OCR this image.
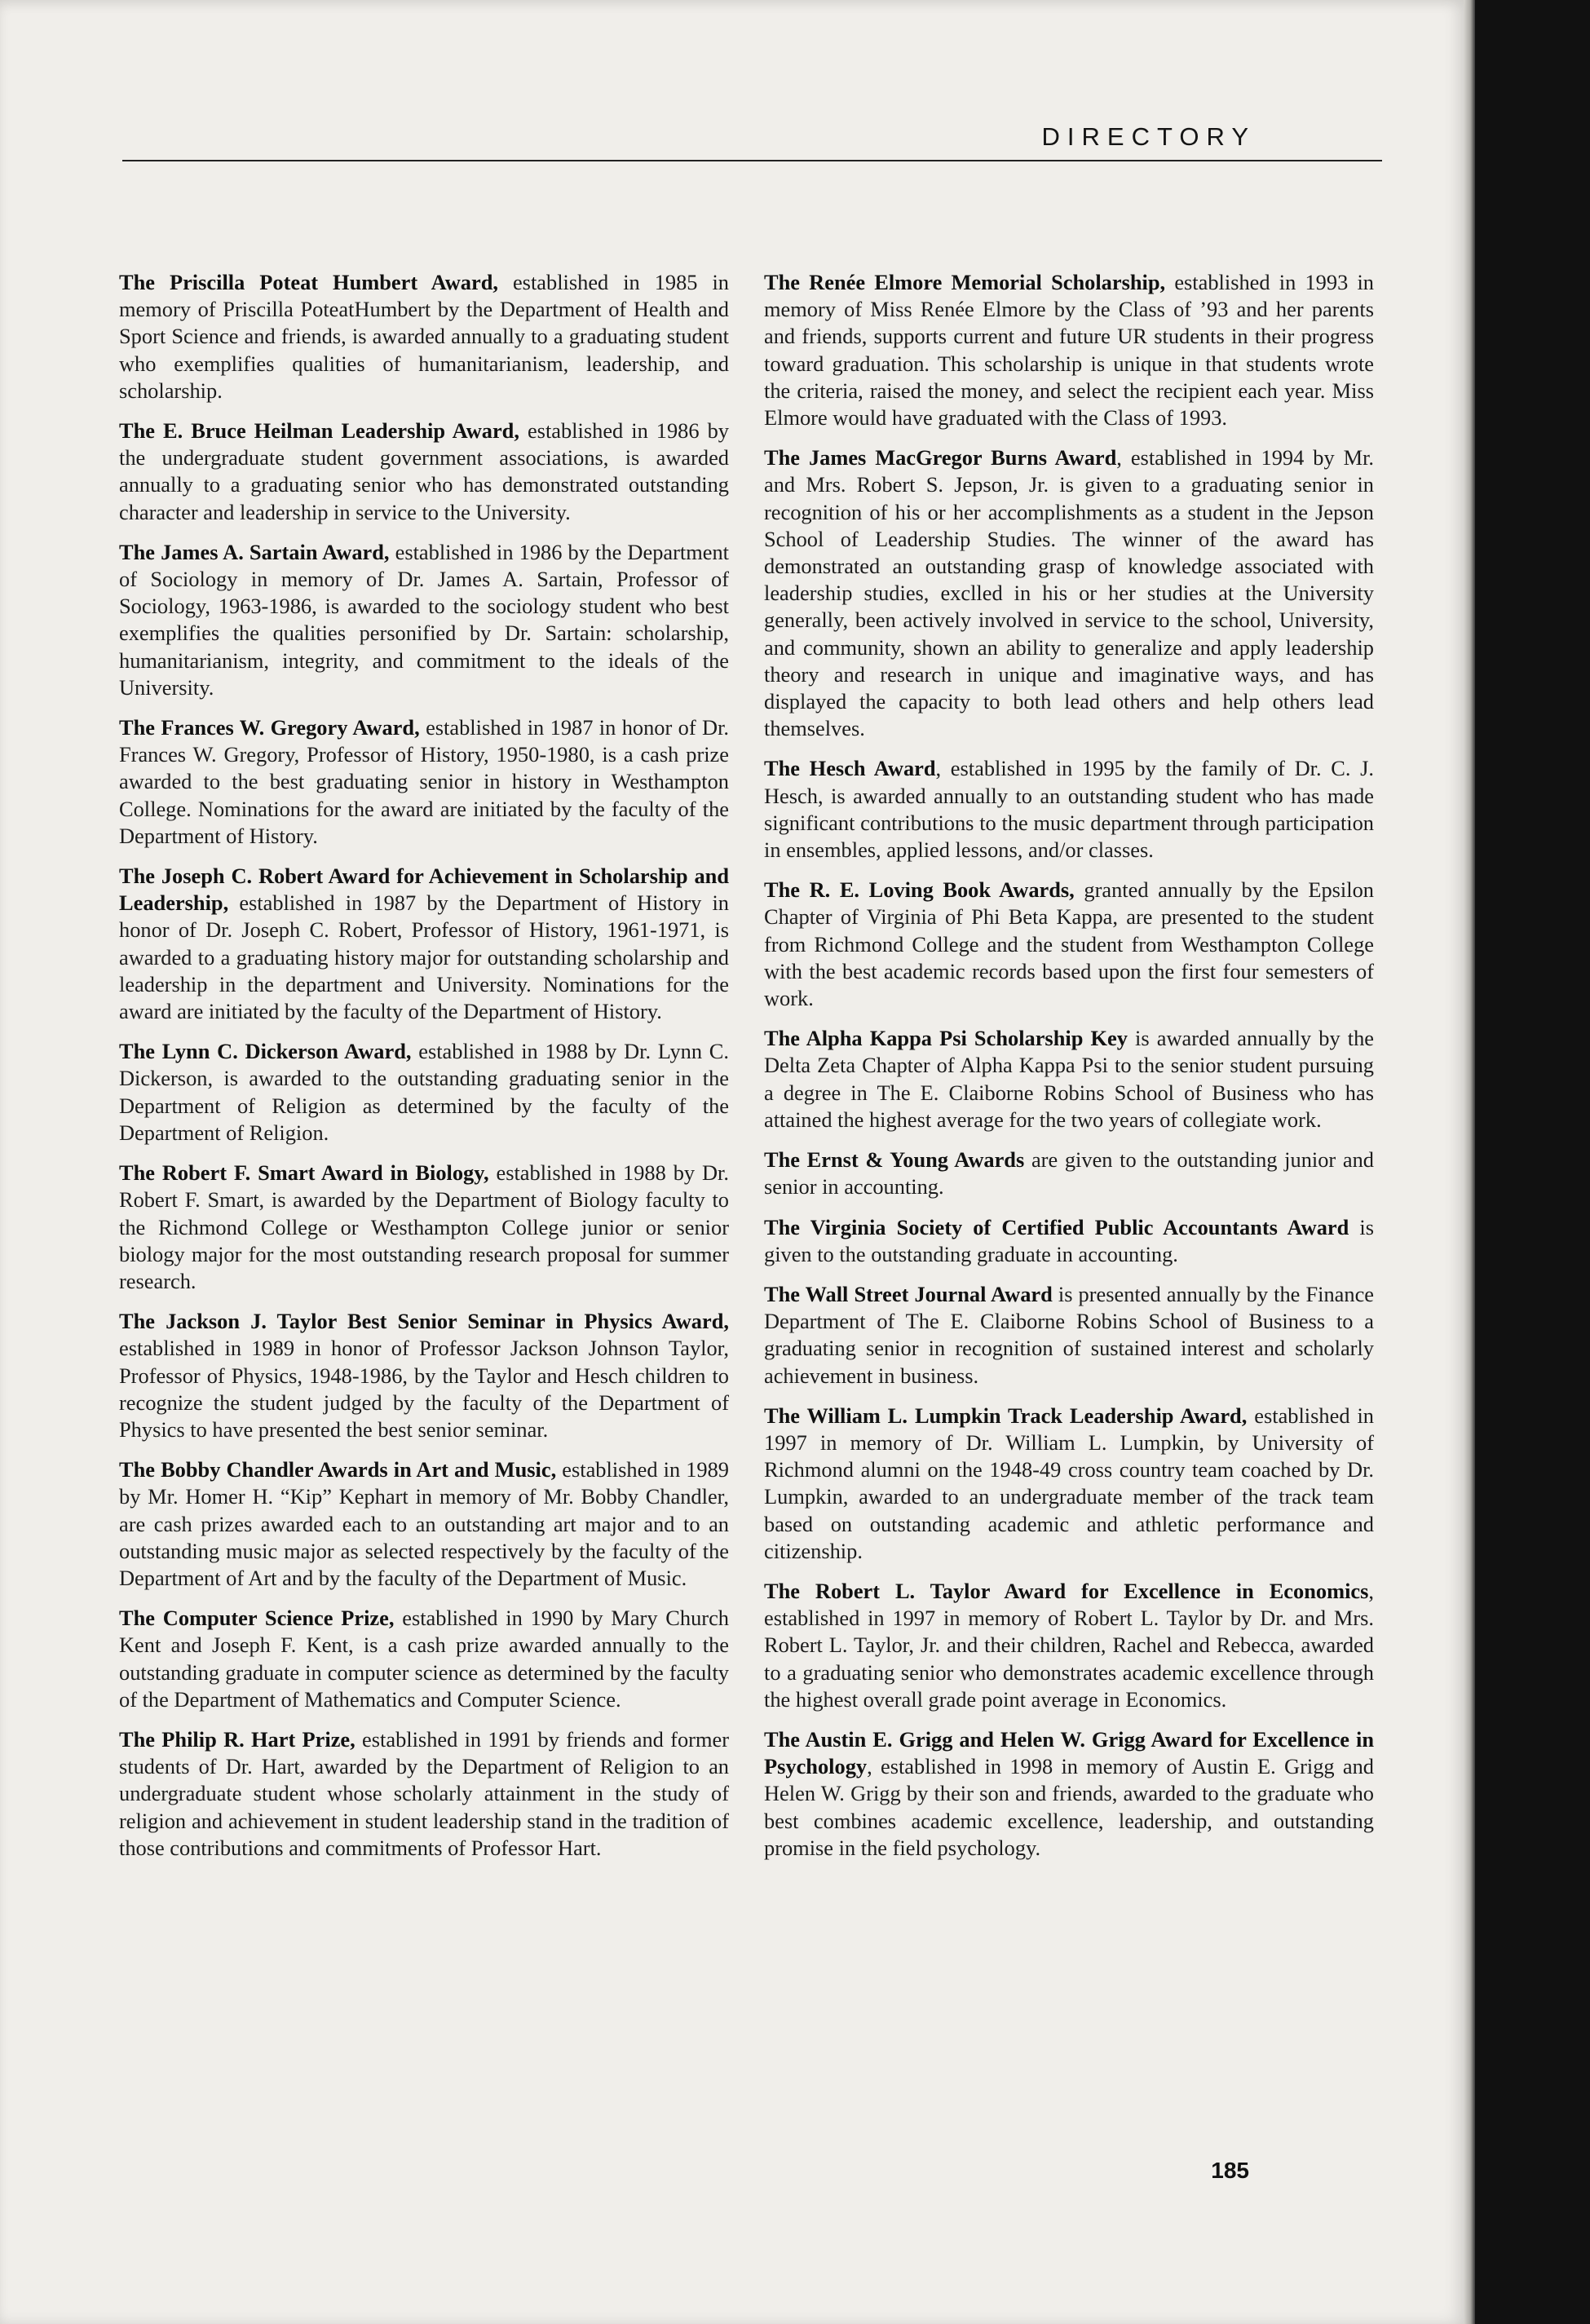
DIRECTORY

The Priscilla Poteat Humbert Award, established in 1985 in memory of Priscilla PoteatHumbert by the Department of Health and Sport Science and friends, is awarded annually to a graduating student who exemplifies qualities of humanitarianism, leadership, and scholarship.

The E. Bruce Heilman Leadership Award, established in 1986 by the undergraduate student government associations, is awarded annually to a graduating senior who has demonstrated outstanding character and leadership in service to the University.

The James A. Sartain Award, established in 1986 by the Department of Sociology in memory of Dr. James A. Sartain, Professor of Sociology, 1963-1986, is awarded to the sociology student who best exemplifies the qualities personified by Dr. Sartain: scholarship, humanitarianism, integrity, and commitment to the ideals of the University.

The Frances W. Gregory Award, established in 1987 in honor of Dr. Frances W. Gregory, Professor of History, 1950-1980, is a cash prize awarded to the best graduating senior in history in Westhampton College. Nominations for the award are initiated by the faculty of the Department of History.

The Joseph C. Robert Award for Achievement in Scholarship and Leadership, established in 1987 by the Department of History in honor of Dr. Joseph C. Robert, Professor of History, 1961-1971, is awarded to a graduating history major for outstanding scholarship and leadership in the department and University. Nominations for the award are initiated by the faculty of the Department of History.

The Lynn C. Dickerson Award, established in 1988 by Dr. Lynn C. Dickerson, is awarded to the outstanding graduating senior in the Department of Religion as determined by the faculty of the Department of Religion.

The Robert F. Smart Award in Biology, established in 1988 by Dr. Robert F. Smart, is awarded by the Department of Biology faculty to the Richmond College or Westhampton College junior or senior biology major for the most outstanding research proposal for summer research.

The Jackson J. Taylor Best Senior Seminar in Physics Award, established in 1989 in honor of Professor Jackson Johnson Taylor, Professor of Physics, 1948-1986, by the Taylor and Hesch children to recognize the student judged by the faculty of the Department of Physics to have presented the best senior seminar.

The Bobby Chandler Awards in Art and Music, established in 1989 by Mr. Homer H. “Kip” Kephart in memory of Mr. Bobby Chandler, are cash prizes awarded each to an outstanding art major and to an outstanding music major as selected respectively by the faculty of the Department of Art and by the faculty of the Department of Music.

The Computer Science Prize, established in 1990 by Mary Church Kent and Joseph F. Kent, is a cash prize awarded annually to the outstanding graduate in computer science as determined by the faculty of the Department of Mathematics and Computer Science.

The Philip R. Hart Prize, established in 1991 by friends and former students of Dr. Hart, awarded by the Department of Religion to an undergraduate student whose scholarly attainment in the study of religion and achievement in student leadership stand in the tradition of those contributions and commitments of Professor Hart.

The Renée Elmore Memorial Scholarship, established in 1993 in memory of Miss Renée Elmore by the Class of ’93 and her parents and friends, supports current and future UR students in their progress toward graduation. This scholarship is unique in that students wrote the criteria, raised the money, and select the recipient each year. Miss Elmore would have graduated with the Class of 1993.

The James MacGregor Burns Award, established in 1994 by Mr. and Mrs. Robert S. Jepson, Jr. is given to a graduating senior in recognition of his or her accomplishments as a student in the Jepson School of Leadership Studies. The winner of the award has demonstrated an outstanding grasp of knowledge associated with leadership studies, exclled in his or her studies at the University generally, been actively involved in service to the school, University, and community, shown an ability to generalize and apply leadership theory and research in unique and imaginative ways, and has displayed the capacity to both lead others and help others lead themselves.

The Hesch Award, established in 1995 by the family of Dr. C. J. Hesch, is awarded annually to an outstanding student who has made significant contributions to the music department through participation in ensembles, applied lessons, and/or classes.

The R. E. Loving Book Awards, granted annually by the Epsilon Chapter of Virginia of Phi Beta Kappa, are presented to the student from Richmond College and the student from Westhampton College with the best academic records based upon the first four semesters of work.

The Alpha Kappa Psi Scholarship Key is awarded annually by the Delta Zeta Chapter of Alpha Kappa Psi to the senior student pursuing a degree in The E. Claiborne Robins School of Business who has attained the highest average for the two years of collegiate work.

The Ernst & Young Awards are given to the outstanding junior and senior in accounting.

The Virginia Society of Certified Public Accountants Award is given to the outstanding graduate in accounting.

The Wall Street Journal Award is presented annually by the Finance Department of The E. Claiborne Robins School of Business to a graduating senior in recognition of sustained interest and scholarly achievement in business.

The William L. Lumpkin Track Leadership Award, established in 1997 in memory of Dr. William L. Lumpkin, by University of Richmond alumni on the 1948-49 cross country team coached by Dr. Lumpkin, awarded to an undergraduate member of the track team based on outstanding academic and athletic performance and citizenship.

The Robert L. Taylor Award for Excellence in Economics, established in 1997 in memory of Robert L. Taylor by Dr. and Mrs. Robert L. Taylor, Jr. and their children, Rachel and Rebecca, awarded to a graduating senior who demonstrates academic excellence through the highest overall grade point average in Economics.

The Austin E. Grigg and Helen W. Grigg Award for Excellence in Psychology, established in 1998 in memory of Austin E. Grigg and Helen W. Grigg by their son and friends, awarded to the graduate who best combines academic excellence, leadership, and outstanding promise in the field psychology.

185
